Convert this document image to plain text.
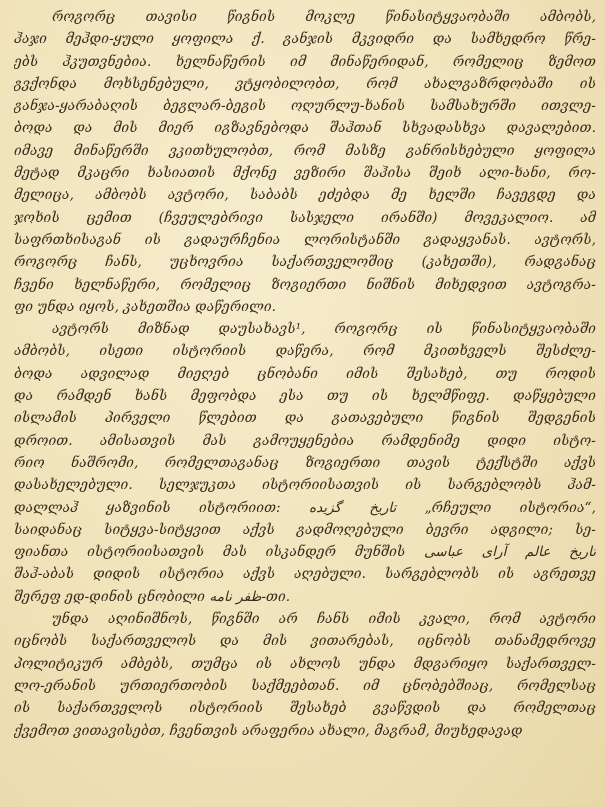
როგორც თავისი წიგნის მოკლე წინასიტყვაობაში ამბობს,
ჰაჯი მეჰდი-ყული ყოფილა ქ. განჯის მკვიდრი და სამხედრო წრე-
ებს ჰკუთვნებია. ხელნაწერის იმ მინაწერიდან, რომელიც ზემოთ
გვქონდა მოხსენებული, ვტყობილობთ, რომ ახალგაზრდობაში ის
განჯა-ყარაბაღის ბეგლარ-ბეგის ოღურლუ-ხანის სამსახურში ითვლე-
ბოდა და მის მიერ იგზავნებოდა შაჰთან სხვადასხვა დავალებით.
იმავე მინაწერში ვკითხულობთ, რომ მასზე განრისხებული ყოფილა
მეტად მკაცრი ხასიათის მქონე ვეზირი შაჰისა შეიხ ალი-ხანი, რო-
მელიცა, ამბობს ავტორი, საბაბს ეძებდა მე ხელში ჩავეგდე და
ჯოხის ცემით (ჩვეულებრივი სასჯელი ირანში) მოვეკალიო. ამ
საფრთხისაგან ის გადაურჩენია ლორისტანში გადაყვანას. ავტორს,
როგორც ჩანს, უცხოვრია საქართველოშიც (კახეთში), რადგანაც
ჩვენი ხელნაწერი, რომელიც ზოგიერთი ნიშნის მიხედვით ავტოგრა-
ფი უნდა იყოს, კახეთშია დაწერილი.

ავტორს მიზნად დაუსახავს¹, როგორც ის წინასიტყვაობაში
ამბობს, ისეთი ისტორიის დაწერა, რომ მკითხველს შესძლე-
ბოდა ადვილად მიეღებ ცნობანი იმის შესახებ, თუ როდის
და რამდენ ხანს მეფობდა ესა თუ ის ხელმწიფე. დაწყებული
ისლამის პირველი წლებით და გათავებული წიგნის შედგენის
დროით. ამისათვის მას გამოუყენებია რამდენიმე დიდი ისტო-
რიო ნაშრომი, რომელთაგანაც ზოგიერთი თავის ტექსტში აქვს
დასახელებული. სელჯუკთა ისტორიისათვის ის სარგებლობს ჰამ-
დალლაჰ ყაზვინის ისტორიით: تاریخ گزیده „რჩეული ისტორია“,
საიდანაც სიტყვა-სიტყვით აქვს გადმოღებული ბევრი ადგილი; სე-
ფიანთა ისტორიისათვის მას ისკანდერ მუნშის تاریخ عالم آرای عباسی
შაჰ-აბას დიდის ისტორია აქვს აღებული. სარგებლობს ის აგრეთვე
შერეფ ედ-დინის ცნობილი ظفر نامه-თი.

უნდა აღინიშნოს, წიგნში არ ჩანს იმის კვალი, რომ ავტორი
იცნობს საქართველოს და მის ვითარებას, იცნობს თანამედროვე
პოლიტიკურ ამბებს, თუმცა ის ახლოს უნდა მდგარიყო საქართველ-
ლო-ერანის ურთიერთობის საქმეებთან. იმ ცნობებშიაც, რომელსაც
ის საქართველოს ისტორიის შესახებ გვაწვდის და რომელთაც
ქვემოთ ვითავისებთ, ჩვენთვის არაფერია ახალი, მაგრამ, მიუხედავად
